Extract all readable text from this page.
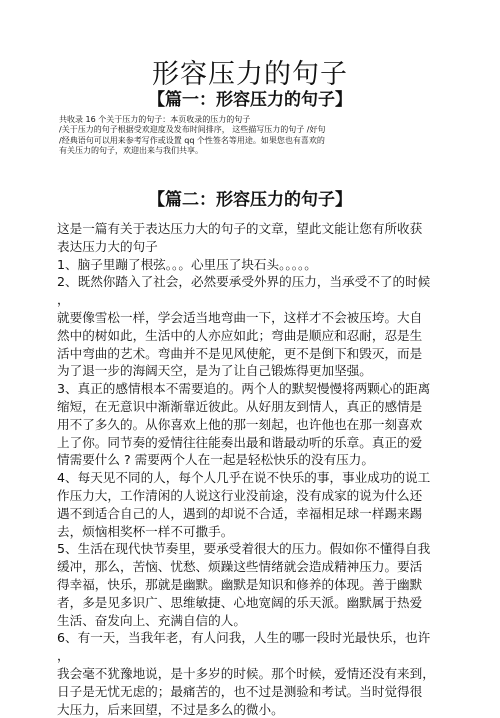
形容压力的句子
【篇一：形容压力的句子】
共收录 16 个关于压力的句子：本页收录的压力的句子
/关于压力的句子根据受欢迎度及发布时间排序， 这些描写压力的句子 /好句
/经典语句可以用来参考写作或设置 qq 个性签名等用途。如果您也有喜欢的
有关压力的句子，欢迎出来与我们共享。
【篇二：形容压力的句子】
这是一篇有关于表达压力大的句子的文章，望此文能让您有所收获
表达压力大的句子
1、脑子里蹦了根弦。。。心里压了块石头。。。。。
2、既然你踏入了社会，必然要承受外界的压力，当承受不了的时候
，
就要像雪松一样，学会适当地弯曲一下，这样才不会被压垮。大自
然中的树如此，生活中的人亦应如此；弯曲是顺应和忍耐，忍是生
活中弯曲的艺术。弯曲并不是见风使舵，更不是倒下和毁灭，而是
为了退一步的海阔天空，是为了让自己锻炼得更加坚强。
3、真正的感情根本不需要追的。两个人的默契慢慢将两颗心的距离
缩短，在无意识中渐渐靠近彼此。从好朋友到情人，真正的感情是
用不了多久的。从你喜欢上他的那一刻起，也许他也在那一刻喜欢
上了你。同节奏的爱情往往能奏出最和谐最动听的乐章。真正的爱
情需要什么 ? 需要两个人在一起是轻松快乐的没有压力。
4、每天见不同的人，每个人几乎在说不快乐的事，事业成功的说工
作压力大，工作清闲的人说这行业没前途，没有成家的说为什么还
遇不到适合自己的人，遇到的却说不合适，幸福相足球一样踢来踢
去，烦恼相奖杯一样不可撒手。
5、生活在现代快节奏里，要承受着很大的压力。假如你不懂得自我
缓冲，那么，苦恼、忧愁、烦躁这些情绪就会造成精神压力。要活
得幸福，快乐，那就是幽默。幽默是知识和修养的体现。善于幽默
者，多是见多识广、思维敏捷、心地宽阔的乐天派。幽默属于热爱
生活、奋发向上、充满自信的人。
6、有一天，当我年老，有人问我，人生的哪一段时光最快乐，也许
，
我会毫不犹豫地说，是十多岁的时候。那个时候，爱情还没有来到，
日子是无忧无虑的；最痛苦的，也不过是测验和考试。当时觉得很
大压力，后来回望，不过是多么的微小。
